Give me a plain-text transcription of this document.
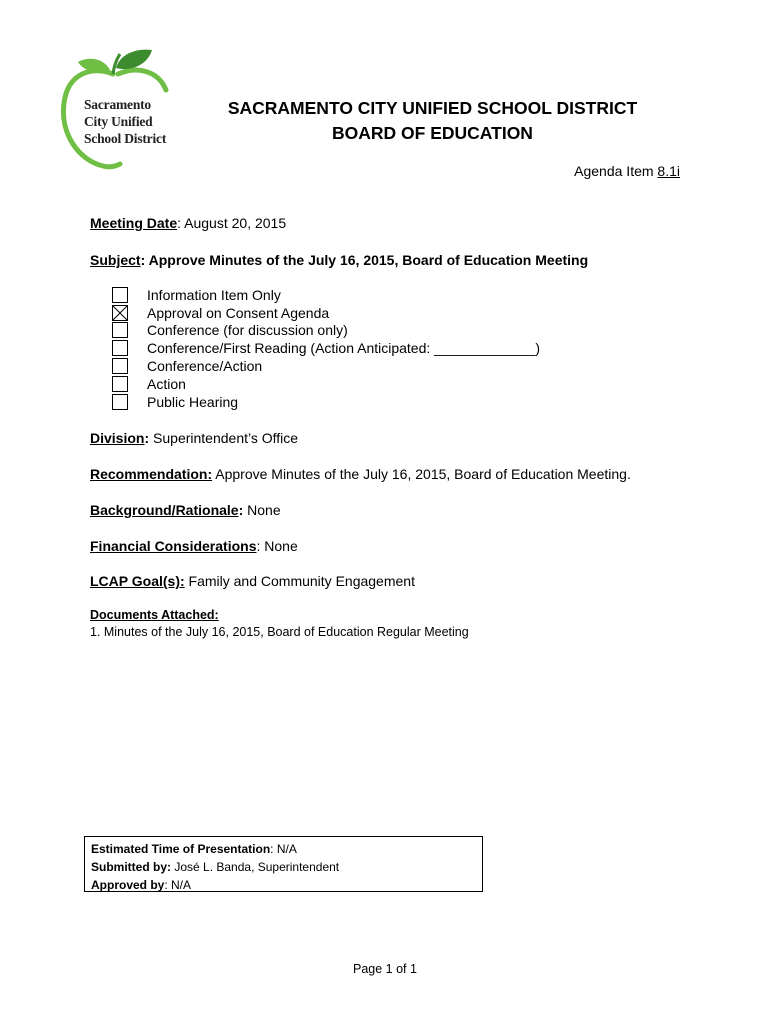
Sacramento
City Unified
School District
SACRAMENTO CITY UNIFIED SCHOOL DISTRICT
BOARD OF EDUCATION
Agenda Item 8.1i
Meeting Date: August 20, 2015
Subject: Approve Minutes of the July 16, 2015, Board of Education Meeting
Information Item Only
Approval on Consent Agenda
Conference (for discussion only)
Conference/First Reading (Action Anticipated: _____________)
Conference/Action
Action
Public Hearing
Division: Superintendent’s Office
Recommendation: Approve Minutes of the July 16, 2015, Board of Education Meeting.
Background/Rationale: None
Financial Considerations: None
LCAP Goal(s): Family and Community Engagement
Documents Attached:
1. Minutes of the July 16, 2015, Board of Education Regular Meeting
Estimated Time of Presentation: N/A
Submitted by: José L. Banda, Superintendent
Approved by: N/A
Page 1 of 1
